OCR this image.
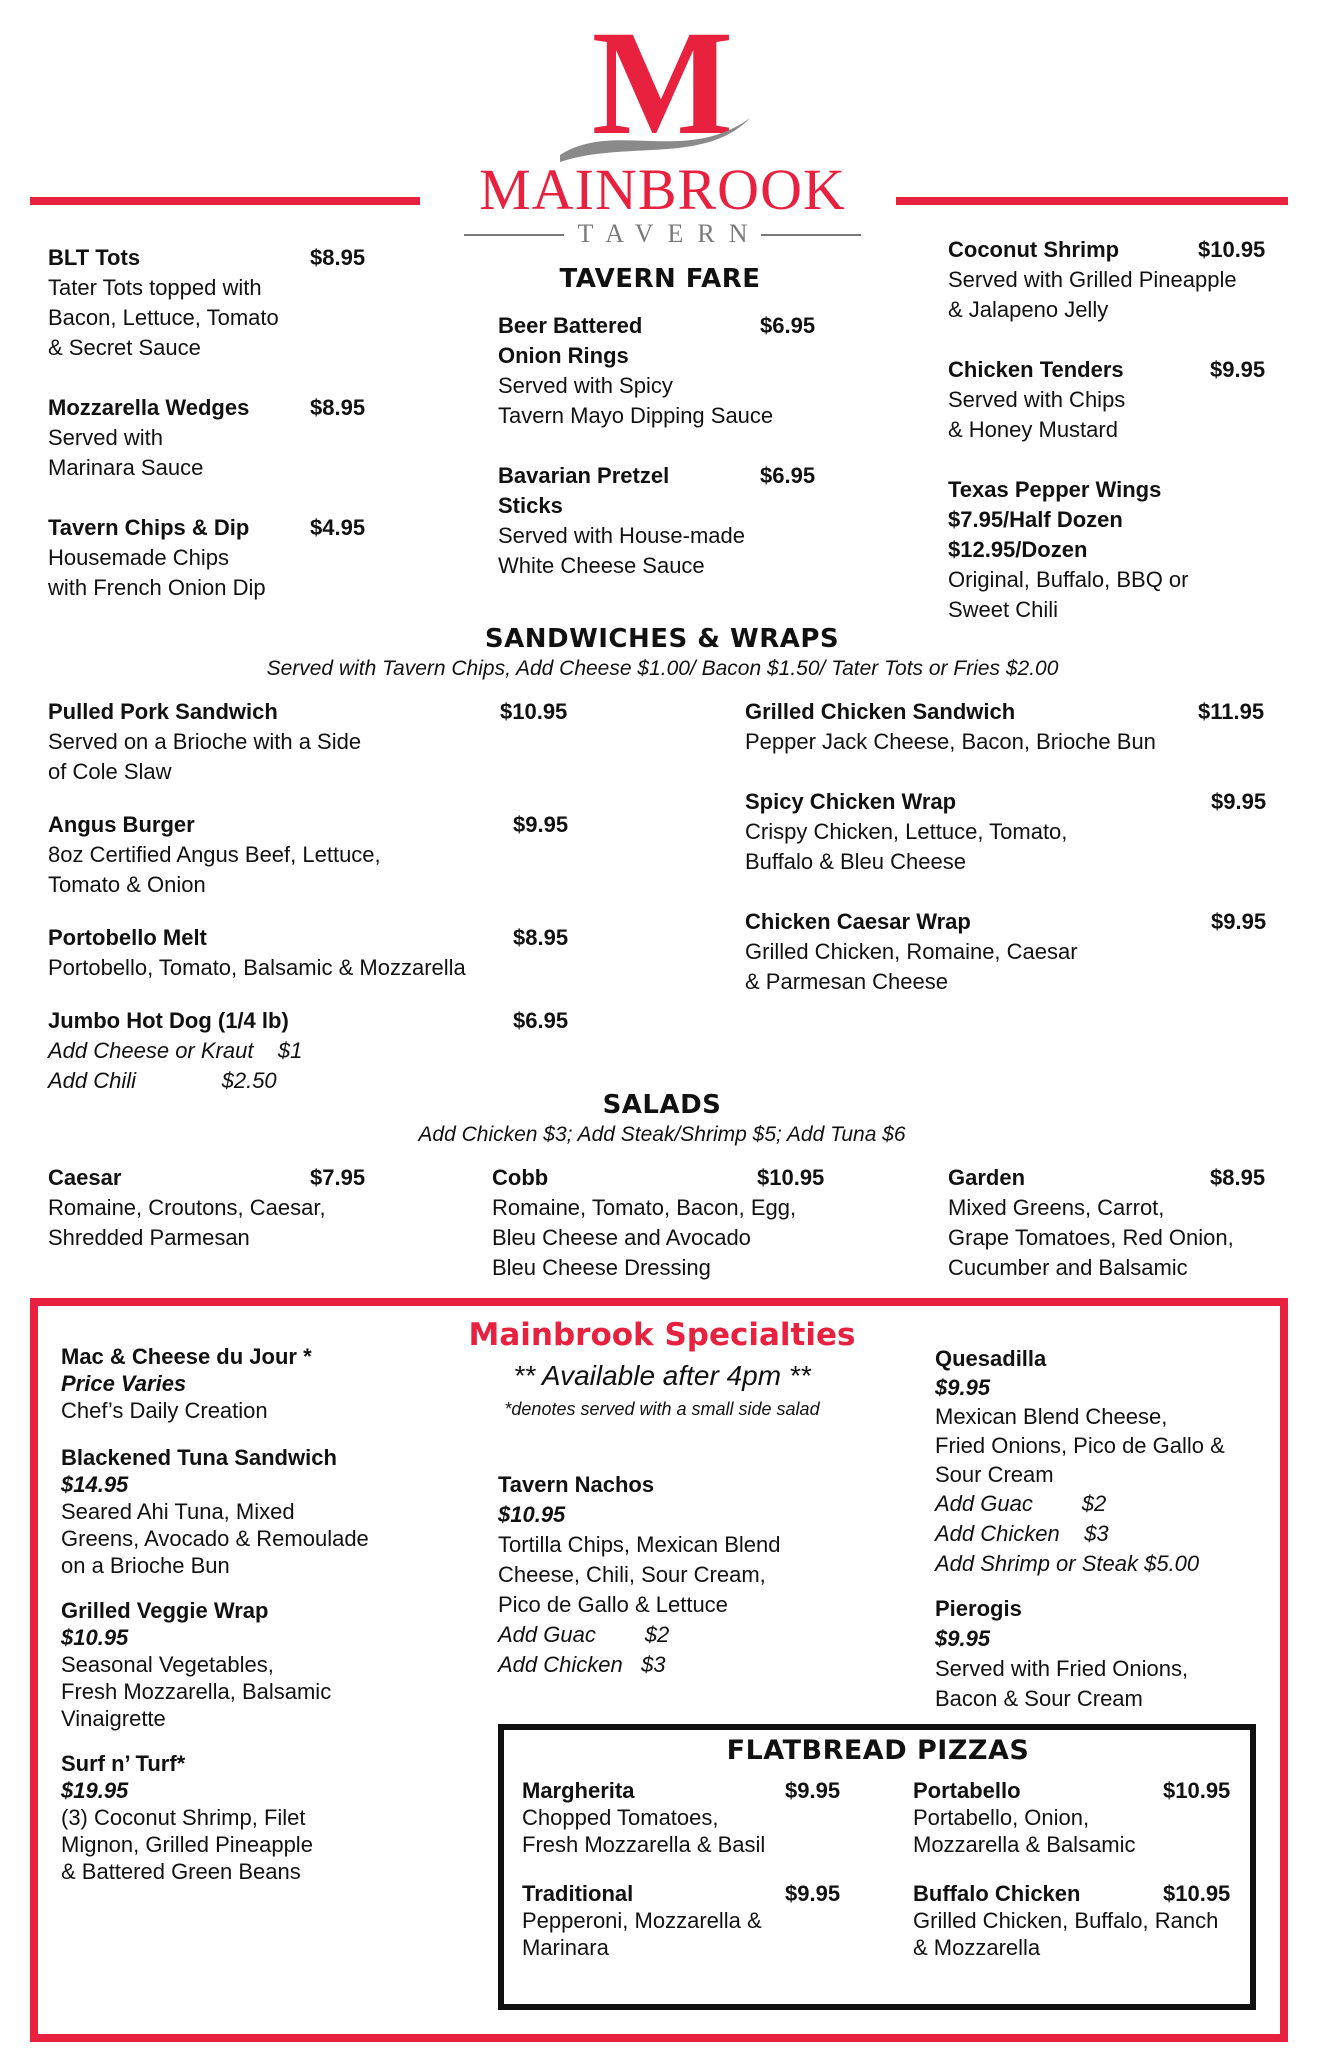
M
MAINBROOK
TAVERN
TAVERN FARE
BLT Tots	$8.95
Tater Tots topped with
Bacon, Lettuce, Tomato
& Secret Sauce
Mozzarella Wedges	$8.95
Served with
Marinara Sauce
Tavern Chips & Dip	$4.95
Housemade Chips
with French Onion Dip
Beer Battered
Onion Rings
$6.95
Served with Spicy
Tavern Mayo Dipping Sauce
Bavarian Pretzel
Sticks
$6.95
Served with House-made
White Cheese Sauce
Coconut Shrimp	$10.95
Served with Grilled Pineapple
& Jalapeno Jelly
Chicken Tenders	$9.95
Served with Chips
& Honey Mustard
Texas Pepper Wings
$7.95/Half Dozen
$12.95/Dozen
Original, Buffalo, BBQ or
Sweet Chili
SANDWICHES & WRAPS
Served with Tavern Chips, Add Cheese $1.00/ Bacon $1.50/ Tater Tots or Fries $2.00
Pulled Pork Sandwich	$10.95
Served on a Brioche with a Side
of Cole Slaw
Angus Burger	$9.95
8oz Certified Angus Beef, Lettuce,
Tomato & Onion
Portobello Melt	$8.95
Portobello, Tomato, Balsamic & Mozzarella
Jumbo Hot Dog (1/4 lb)	$6.95
Add Cheese or Kraut    $1
Add Chili              $2.50
Grilled Chicken Sandwich	$11.95
Pepper Jack Cheese, Bacon, Brioche Bun
Spicy Chicken Wrap	$9.95
Crispy Chicken, Lettuce, Tomato,
Buffalo & Bleu Cheese
Chicken Caesar Wrap	$9.95
Grilled Chicken, Romaine, Caesar
& Parmesan Cheese
SALADS
Add Chicken $3; Add Steak/Shrimp $5; Add Tuna $6
Caesar	$7.95
Romaine, Croutons, Caesar,
Shredded Parmesan
Cobb	$10.95
Romaine, Tomato, Bacon, Egg,
Bleu Cheese and Avocado
Bleu Cheese Dressing
Garden	$8.95
Mixed Greens, Carrot,
Grape Tomatoes, Red Onion,
Cucumber and Balsamic
Mainbrook Specialties
** Available after 4pm **
*denotes served with a small side salad
Mac & Cheese du Jour *
Price Varies
Chef’s Daily Creation
Blackened Tuna Sandwich
$14.95
Seared Ahi Tuna, Mixed
Greens, Avocado & Remoulade
on a Brioche Bun
Grilled Veggie Wrap
$10.95
Seasonal Vegetables,
Fresh Mozzarella, Balsamic
Vinaigrette
Surf n’ Turf*
$19.95
(3) Coconut Shrimp, Filet
Mignon, Grilled Pineapple
& Battered Green Beans
Tavern Nachos
$10.95
Tortilla Chips, Mexican Blend
Cheese, Chili, Sour Cream,
Pico de Gallo & Lettuce
Add Guac        $2
Add Chicken   $3
Quesadilla
$9.95
Mexican Blend Cheese,
Fried Onions, Pico de Gallo &
Sour Cream
Add Guac        $2
Add Chicken    $3
Add Shrimp or Steak $5.00
Pierogis
$9.95
Served with Fried Onions,
Bacon & Sour Cream
FLATBREAD PIZZAS
Margherita	$9.95
Chopped Tomatoes,
Fresh Mozzarella & Basil
Portabello	$10.95
Portabello, Onion,
Mozzarella & Balsamic
Traditional	$9.95
Pepperoni, Mozzarella &
Marinara
Buffalo Chicken	$10.95
Grilled Chicken, Buffalo, Ranch
& Mozzarella
